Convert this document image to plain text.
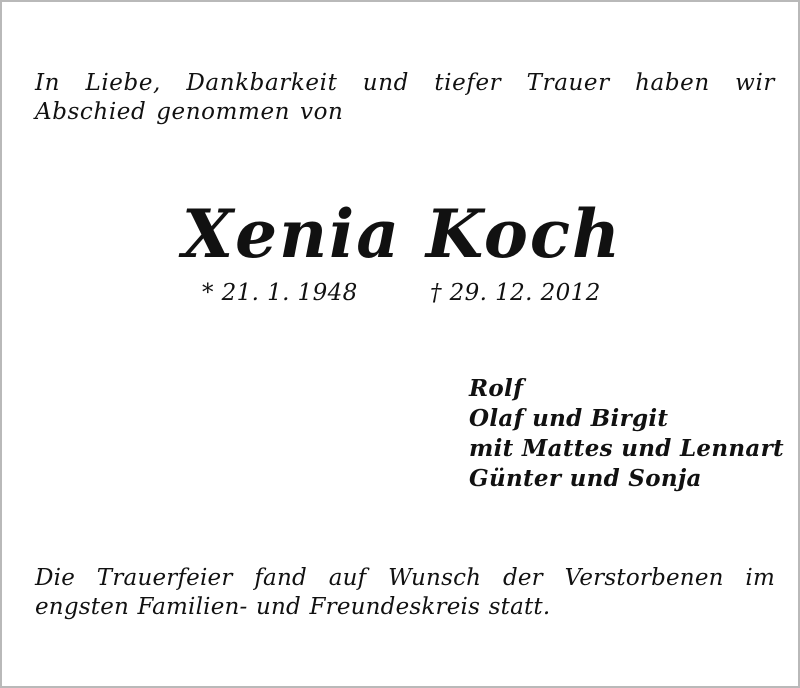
In Liebe, Dankbarkeit und tiefer Trauer haben wir Abschied genommen von

Xenia Koch
* 21. 1. 1948	† 29. 12. 2012
Rolf
Olaf und Birgit
mit Mattes und Lennart
Günter und Sonja

Die Trauerfeier fand auf Wunsch der Verstorbenen im engsten Familien- und Freundeskreis statt.
